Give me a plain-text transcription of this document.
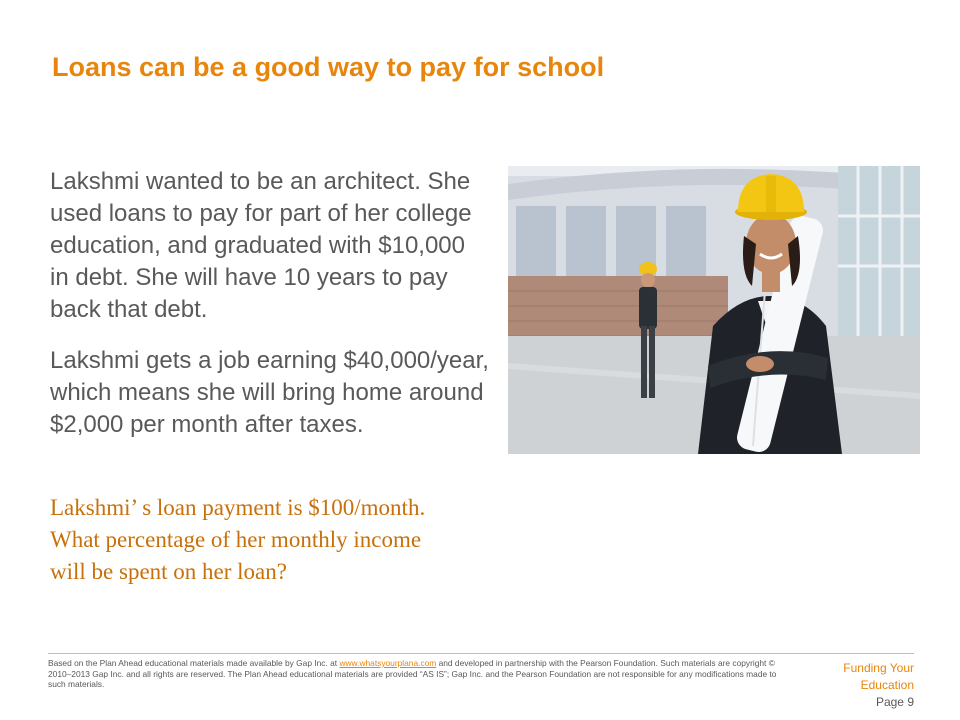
Loans can be a good way to pay for school
Lakshmi wanted to be an architect. She used loans to pay for part of her college education, and graduated with $10,000 in debt. She will have 10 years to pay back that debt.
Lakshmi gets a job earning $40,000/year, which means she will bring home around $2,000 per month after taxes.
Lakshmi’ s loan payment is $100/month. What percentage of her monthly income will be spent on her loan?
Based on the Plan Ahead educational materials made available by Gap Inc. at www.whatsyourplana.com and developed in partnership with the Pearson Foundation. Such materials are copyright © 2010–2013 Gap Inc. and all rights are reserved. The Plan Ahead educational materials are provided “AS IS”; Gap Inc. and the Pearson Foundation are not responsible for any modifications made to such materials.
Funding Your
Education
Page 9
